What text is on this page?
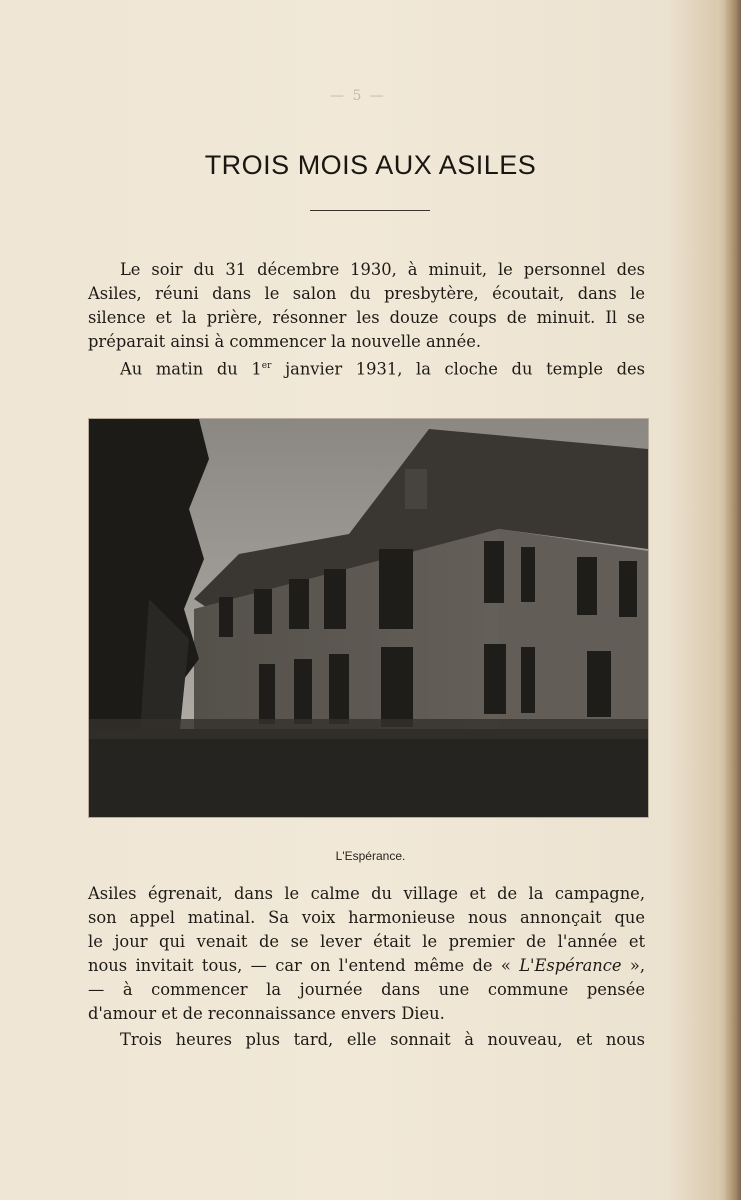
— 5 —
TROIS MOIS AUX ASILES

Le soir du 31 décembre 1930, à minuit, le personnel des
Asiles, réuni dans le salon du presbytère, écoutait, dans le
silence et la prière, résonner les douze coups de minuit. Il se
préparait ainsi à commencer la nouvelle année.

Au matin du 1er janvier 1931, la cloche du temple des

L'Espérance.

Asiles égrenait, dans le calme du village et de la campagne,
son appel matinal. Sa voix harmonieuse nous annonçait que
le jour qui venait de se lever était le premier de l'année et
nous invitait tous, — car on l'entend même de « L'Espérance »,
— à commencer la journée dans une commune pensée
d'amour et de reconnaissance envers Dieu.

Trois heures plus tard, elle sonnait à nouveau, et nous
